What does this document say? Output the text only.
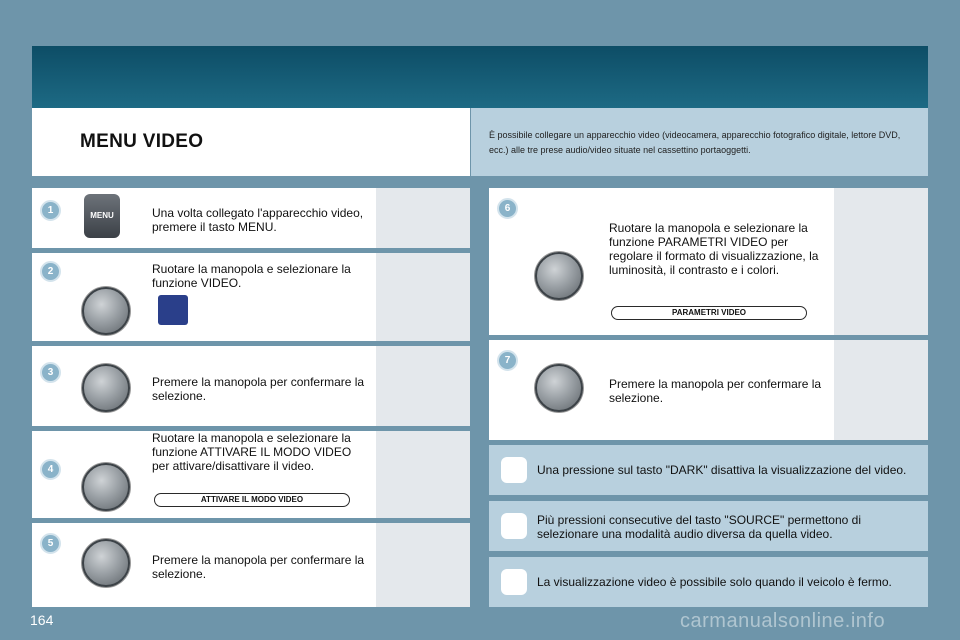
MENU VIDEO	È possibile collegare un apparecchio video (videocamera, apparecchio fotografico digitale, lettore DVD, ecc.) alle tre prese audio/video situate nel cassettino portaoggetti.

1	MENU	Una volta collegato l'apparecchio video, premere il tasto MENU.
2	Ruotare la manopola e selezionare la funzione VIDEO.
3
Premere la manopola per confermare la selezione.
4
Ruotare la manopola e selezionare la funzione ATTIVARE IL MODO VIDEO per attivare/disattivare il video.
ATTIVARE IL MODO VIDEO
5
Premere la manopola per confermare la selezione.
6
Ruotare la manopola e selezionare la funzione PARAMETRI VIDEO per regolare il formato di visualizzazione, la luminosità, il contrasto e i colori.
PARAMETRI VIDEO
7
Premere la manopola per confermare la selezione.
Una pressione sul tasto "DARK" disattiva la visualizzazione del video.
Più pressioni consecutive del tasto "SOURCE" permettono di selezionare una modalità audio diversa da quella video.
La visualizzazione video è possibile solo quando il veicolo è fermo.
164	carmanualsonline.info
